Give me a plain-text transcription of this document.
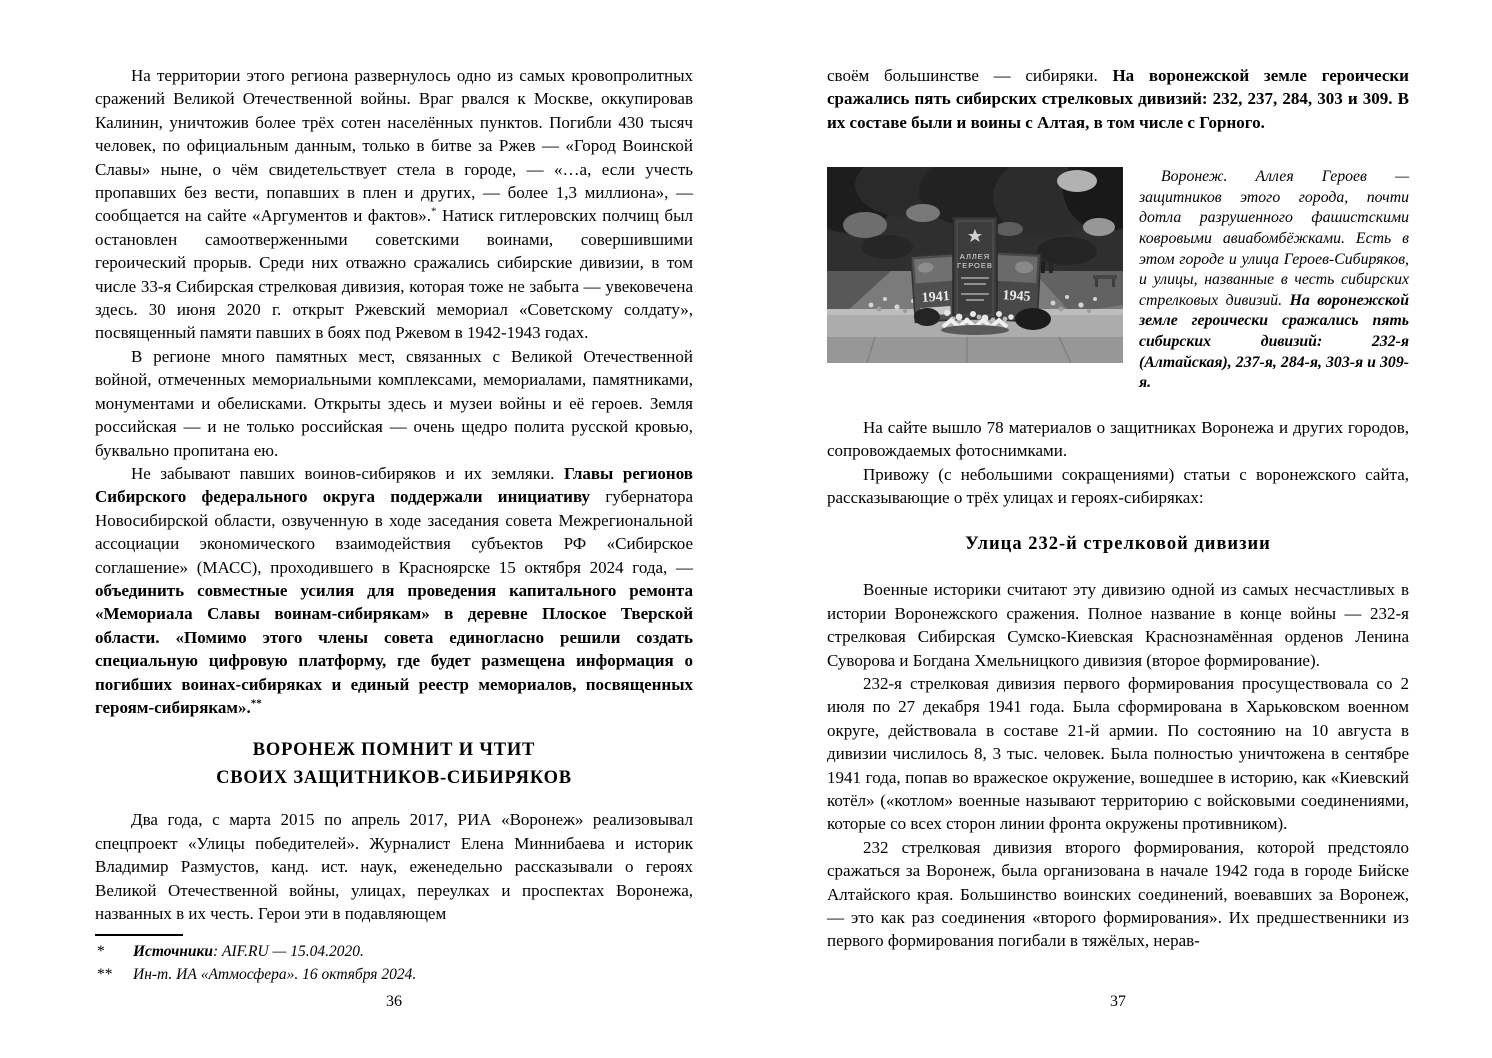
На территории этого региона развернулось одно из самых кровопролитных сражений Великой Отечественной войны. Враг рвался к Москве, оккупировав Калинин, уничтожив более трёх сотен населённых пунктов. Погибли 430 тысяч человек, по официальным данным, только в битве за Ржев — «Город Воинской Славы» ныне, о чём свидетельствует стела в городе, — «…а, если учесть пропавших без вести, попавших в плен и других, — более 1,3 миллиона», — сообщается на сайте «Аргументов и фактов».* Натиск гитлеровских полчищ был остановлен самоотверженными советскими воинами, совершившими героический прорыв. Среди них отважно сражались сибирские дивизии, в том числе 33-я Сибирская стрелковая дивизия, которая тоже не забыта — увековечена здесь. 30 июня 2020 г. открыт Ржевский мемориал «Советскому солдату», посвященный памяти павших в боях под Ржевом в 1942-1943 годах.
В регионе много памятных мест, связанных с Великой Отечественной войной, отмеченных мемориальными комплексами, мемориалами, памятниками, монументами и обелисками. Открыты здесь и музеи войны и её героев. Земля российская — и не только российская — очень щедро полита русской кровью, буквально пропитана ею.
Не забывают павших воинов-сибиряков и их земляки. Главы регионов Сибирского федерального округа поддержали инициативу губернатора Новосибирской области, озвученную в ходе заседания совета Межрегиональной ассоциации экономического взаимодействия субъектов РФ «Сибирское соглашение» (МАСС), проходившего в Красноярске 15 октября 2024 года, — объединить совместные усилия для проведения капитального ремонта «Мемориала Славы воинам-сибирякам» в деревне Плоское Тверской области. «Помимо этого члены совета единогласно решили создать специальную цифровую платформу, где будет размещена информация о погибших воинах-сибиряках и единый реестр мемориалов, посвященных героям-сибирякам».**
ВОРОНЕЖ ПОМНИТ И ЧТИТ
СВОИХ ЗАЩИТНИКОВ-СИБИРЯКОВ
Два года, с марта 2015 по апрель 2017, РИА «Воронеж» реализовывал спецпроект «Улицы победителей». Журналист Елена Миннибаева и историк Владимир Размустов, канд. ист. наук, еженедельно рассказывали о героях Великой Отечественной войны, улицах, переулках и проспектах Воронежа, названных в их честь. Герои эти в подавляющем
*	Источники: AIF.RU — 15.04.2020.
**	Ин-т. ИА «Атмосфера». 16 октября 2024.
своём большинстве — сибиряки. На воронежской земле героически сражались пять сибирских стрелковых дивизий: 232, 237, 284, 303 и 309. В их составе были и воины с Алтая, в том числе с Горного.
1941	1945
АЛЛЕЯ
ГЕРОЕВ
Воронеж. Аллея Героев — защитников этого города, почти дотла разрушенного фашистскими ковровыми авиабомбёжками. Есть в этом городе и улица Героев-Сибиряков, и улицы, названные в честь сибирских стрелковых дивизий. На воронежской земле героически сражались пять сибирских дивизий: 232-я (Алтайская), 237-я, 284-я, 303-я и 309-я.
На сайте вышло 78 материалов о защитниках Воронежа и других городов, сопровождаемых фотоснимками.
Привожу (с небольшими сокращениями) статьи с воронежского сайта, рассказывающие о трёх улицах и героях-сибиряках:
Улица 232-й стрелковой дивизии
Военные историки считают эту дивизию одной из самых несчастливых в истории Воронежского сражения. Полное название в конце войны — 232-я стрелковая Сибирская Сумско-Киевская Краснознамённая орденов Ленина Суворова и Богдана Хмельницкого дивизия (второе формирование).
232-я стрелковая дивизия первого формирования просуществовала со 2 июля по 27 декабря 1941 года. Была сформирована в Харьковском военном округе, действовала в составе 21-й армии. По состоянию на 10 августа в дивизии числилось 8, 3 тыс. человек. Была полностью уничтожена в сентябре 1941 года, попав во вражеское окружение, вошедшее в историю, как «Киевский котёл» («котлом» военные называют территорию с войсковыми соединениями, которые со всех сторон линии фронта окружены противником).
232 стрелковая дивизия второго формирования, которой предстояло сражаться за Воронеж, была организована в начале 1942 года в городе Бийске Алтайского края. Большинство воинских соединений, воевавших за Воронеж, — это как раз соединения «второго формирования». Их предшественники из первого формирования погибали в тяжёлых, нерав-
36	37
